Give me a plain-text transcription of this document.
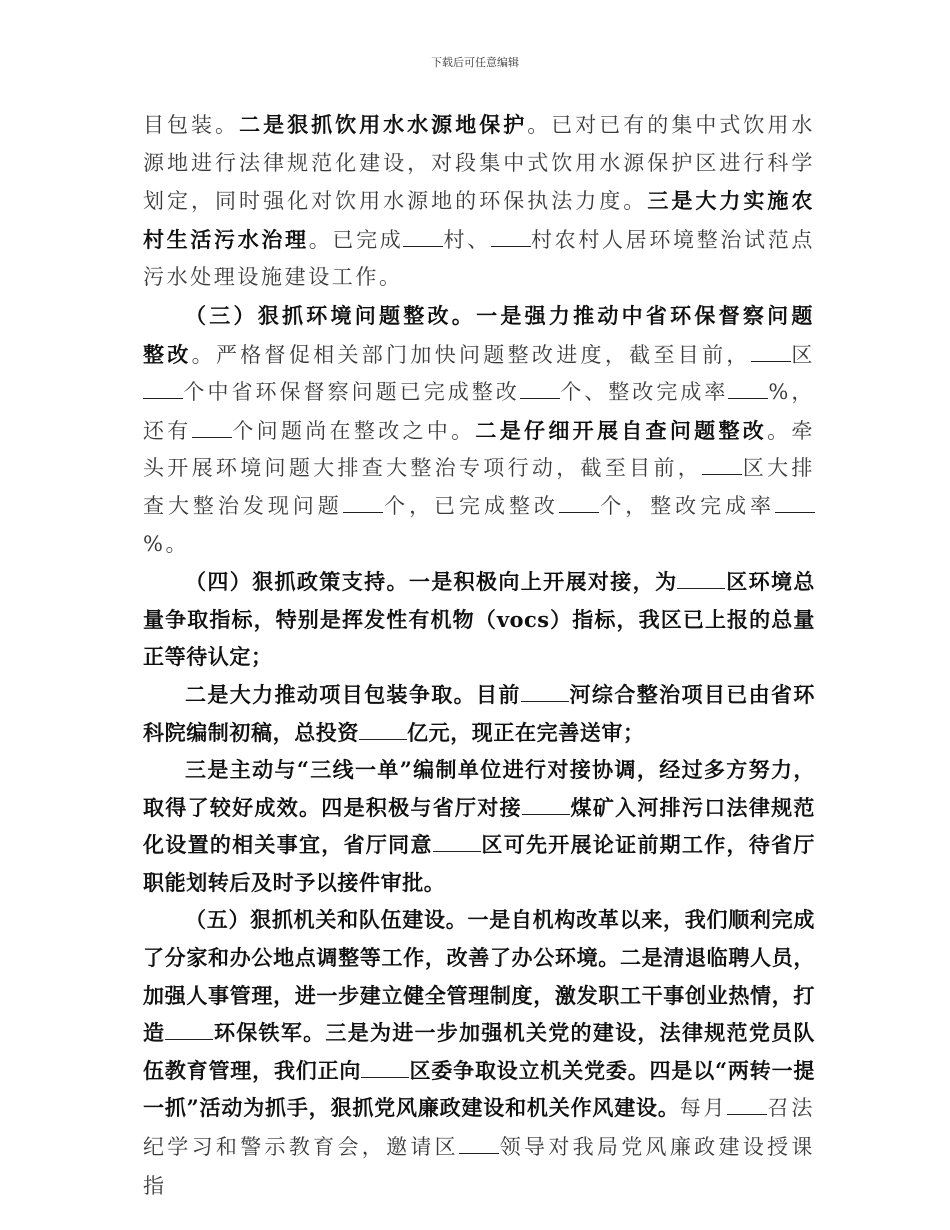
下载后可任意编辑

目包装。二是狠抓饮用水水源地保护。已对已有的集中式饮用水源地进行法律规范化建设，对段集中式饮用水源保护区进行科学划定，同时强化对饮用水源地的环保执法力度。三是大力实施农村生活污水治理。已完成 村、 村农村人居环境整治试范点污水处理设施建设工作。

（三）狠抓环境问题整改。一是强力推动中省环保督察问题整改。严格督促相关部门加快问题整改进度，截至目前， 区个中省环保督察问题已完成整改 个、整改完成率 %，还有 个问题尚在整改之中。二是仔细开展自查问题整改。牵头开展环境问题大排查大整治专项行动，截至目前， 区大排查大整治发现问题 个，已完成整改 个，整改完成率%。

（四）狠抓政策支持。一是积极向上开展对接，为 区环境总量争取指标，特别是挥发性有机物（vocs）指标，我区已上报的总量正等待认定；

二是大力推动项目包装争取。目前 河综合整治项目已由省环科院编制初稿，总投资 亿元，现正在完善送审；

三是主动与“三线一单”编制单位进行对接协调，经过多方努力，取得了较好成效。四是积极与省厅对接 煤矿入河排污口法律规范化设置的相关事宜，省厅同意 区可先开展论证前期工作，待省厅职能划转后及时予以接件审批。

（五）狠抓机关和队伍建设。一是自机构改革以来，我们顺利完成了分家和办公地点调整等工作，改善了办公环境。二是清退临聘人员，加强人事管理，进一步建立健全管理制度，激发职工干事创业热情，打造 环保铁军。三是为进一步加强机关党的建设，法律规范党员队伍教育管理，我们正向 区委争取设立机关党委。四是以“两转一提一抓”活动为抓手，狠抓党风廉政建设和机关作风建设。每月 召法纪学习和警示教育会，邀请区 领导对我局党风廉政建设授课指
